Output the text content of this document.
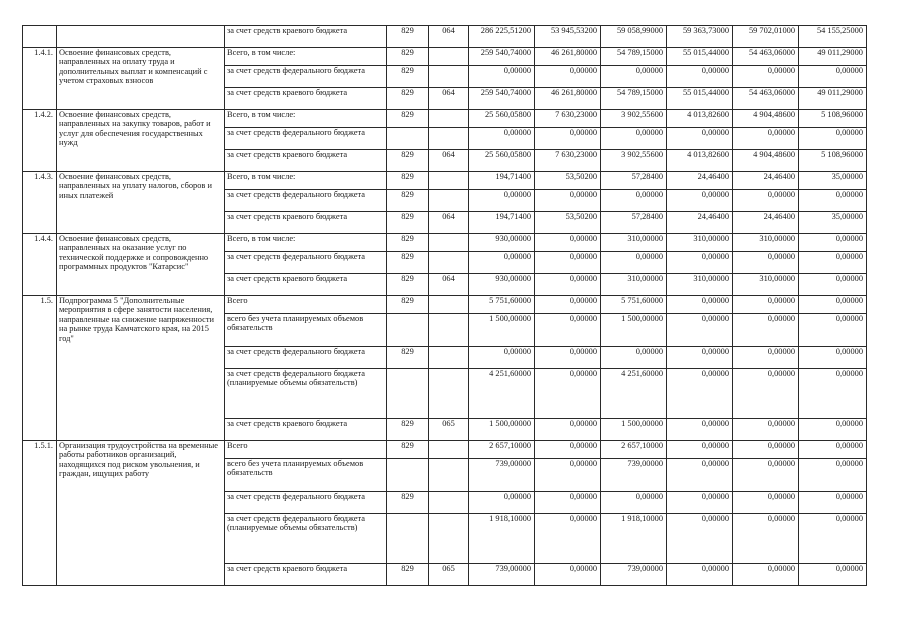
		за счет средств краевого бюджета	829	064	286 225,51200	53 945,53200	59 058,99000	59 363,73000	59 702,01000	54 155,25000
1.4.1.	Освоение финансовых средств, направленных на оплату труда и дополнительных выплат и компенсаций с учетом страховых взносов	Всего, в том числе:	829		259 540,74000	46 261,80000	54 789,15000	55 015,44000	54 463,06000	49 011,29000
		за счет средств федерального бюджета	829		0,00000	0,00000	0,00000	0,00000	0,00000	0,00000
		за счет средств краевого бюджета	829	064	259 540,74000	46 261,80000	54 789,15000	55 015,44000	54 463,06000	49 011,29000
1.4.2.	Освоение финансовых средств, направленных на закупку товаров, работ и услуг для обеспечения государственных нужд	Всего, в том числе:	829		25 560,05800	7 630,23000	3 902,55600	4 013,82600	4 904,48600	5 108,96000
		за счет средств федерального бюджета			0,00000	0,00000	0,00000	0,00000	0,00000	0,00000
		за счет средств краевого бюджета	829	064	25 560,05800	7 630,23000	3 902,55600	4 013,82600	4 904,48600	5 108,96000
1.4.3.	Освоение финансовых средств, направленных на уплату налогов, сборов и иных платежей	Всего, в том числе:	829		194,71400	53,50200	57,28400	24,46400	24,46400	35,00000
		за счет средств федерального бюджета	829		0,00000	0,00000	0,00000	0,00000	0,00000	0,00000
		за счет средств краевого бюджета	829	064	194,71400	53,50200	57,28400	24,46400	24,46400	35,00000
1.4.4.	Освоение финансовых средств, направленных на оказание услуг по технической поддержке и сопровожденно программных продуктов "Катарсис"	Всего, в том числе:	829		930,00000	0,00000	310,00000	310,00000	310,00000	0,00000
		за счет средств федерального бюджета	829		0,00000	0,00000	0,00000	0,00000	0,00000	0,00000
		за счет средств краевого бюджета	829	064	930,00000	0,00000	310,00000	310,00000	310,00000	0,00000
1.5.	Подпрограмма 5 "Дополнительные мероприятия в сфере занятости населения, направленные на снижение напряженности на рынке труда Камчатского края, на 2015 год"	Всего	829		5 751,60000	0,00000	5 751,60000	0,00000	0,00000	0,00000
		всего без учета планируемых объемов обязательств			1 500,00000	0,00000	1 500,00000	0,00000	0,00000	0,00000
		за счет средств федерального бюджета	829		0,00000	0,00000	0,00000	0,00000	0,00000	0,00000
		за счет средств федерального бюджета (планируемые объемы обязательств)			4 251,60000	0,00000	4 251,60000	0,00000	0,00000	0,00000
		за счет средств краевого бюджета	829	065	1 500,00000	0,00000	1 500,00000	0,00000	0,00000	0,00000
1.5.1.	Организация трудоустройства на временные работы работников организаций, находящихся под риском увольнения, и граждан, ищущих работу	Всего	829		2 657,10000	0,00000	2 657,10000	0,00000	0,00000	0,00000
		всего без учета планируемых объемов обязательств			739,00000	0,00000	739,00000	0,00000	0,00000	0,00000
		за счет средств федерального бюджета	829		0,00000	0,00000	0,00000	0,00000	0,00000	0,00000
		за счет средств федерального бюджета (планируемые объемы обязательств)			1 918,10000	0,00000	1 918,10000	0,00000	0,00000	0,00000
		за счет средств краевого бюджета	829	065	739,00000	0,00000	739,00000	0,00000	0,00000	0,00000
